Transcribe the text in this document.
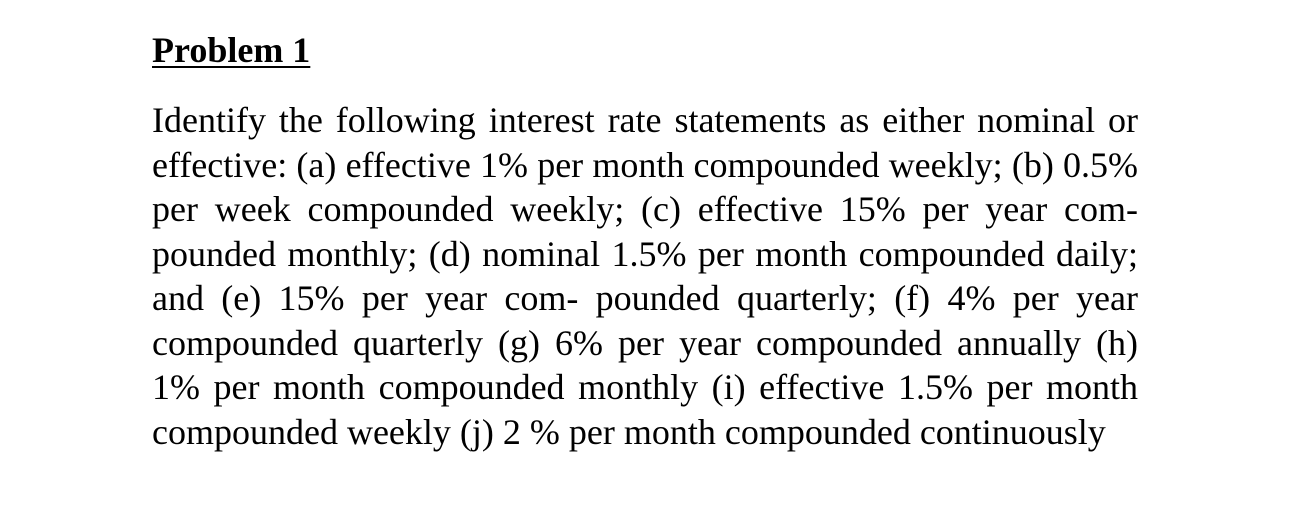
Problem 1

Identify the following interest rate statements as either nominal or effective: (a) effective 1% per month compounded weekly; (b) 0.5% per week compounded weekly; (c) effective 15% per year com- pounded monthly; (d) nominal 1.5% per month compounded daily; and (e) 15% per year com- pounded quarterly; (f) 4% per year compounded quarterly (g) 6% per year compounded annually (h) 1% per month compounded monthly (i) effective 1.5% per month compounded weekly (j) 2 % per month compounded continuously
